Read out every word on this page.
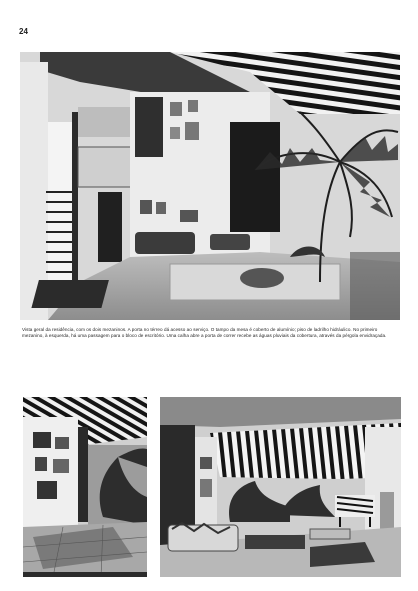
24
Vista geral da residência, com os dois mezaninos. A porta no térreo dá acesso ao serviço. O tampo da mesa é coberto de alumínio; piso de ladrilho hidráulico. No primeiro mezanino, à esquerda, há uma passagem para o bloco de escritório. Uma calha abre a porta de correr recebe as águas pluviais da cobertura, através da pérgola envidraçada.
